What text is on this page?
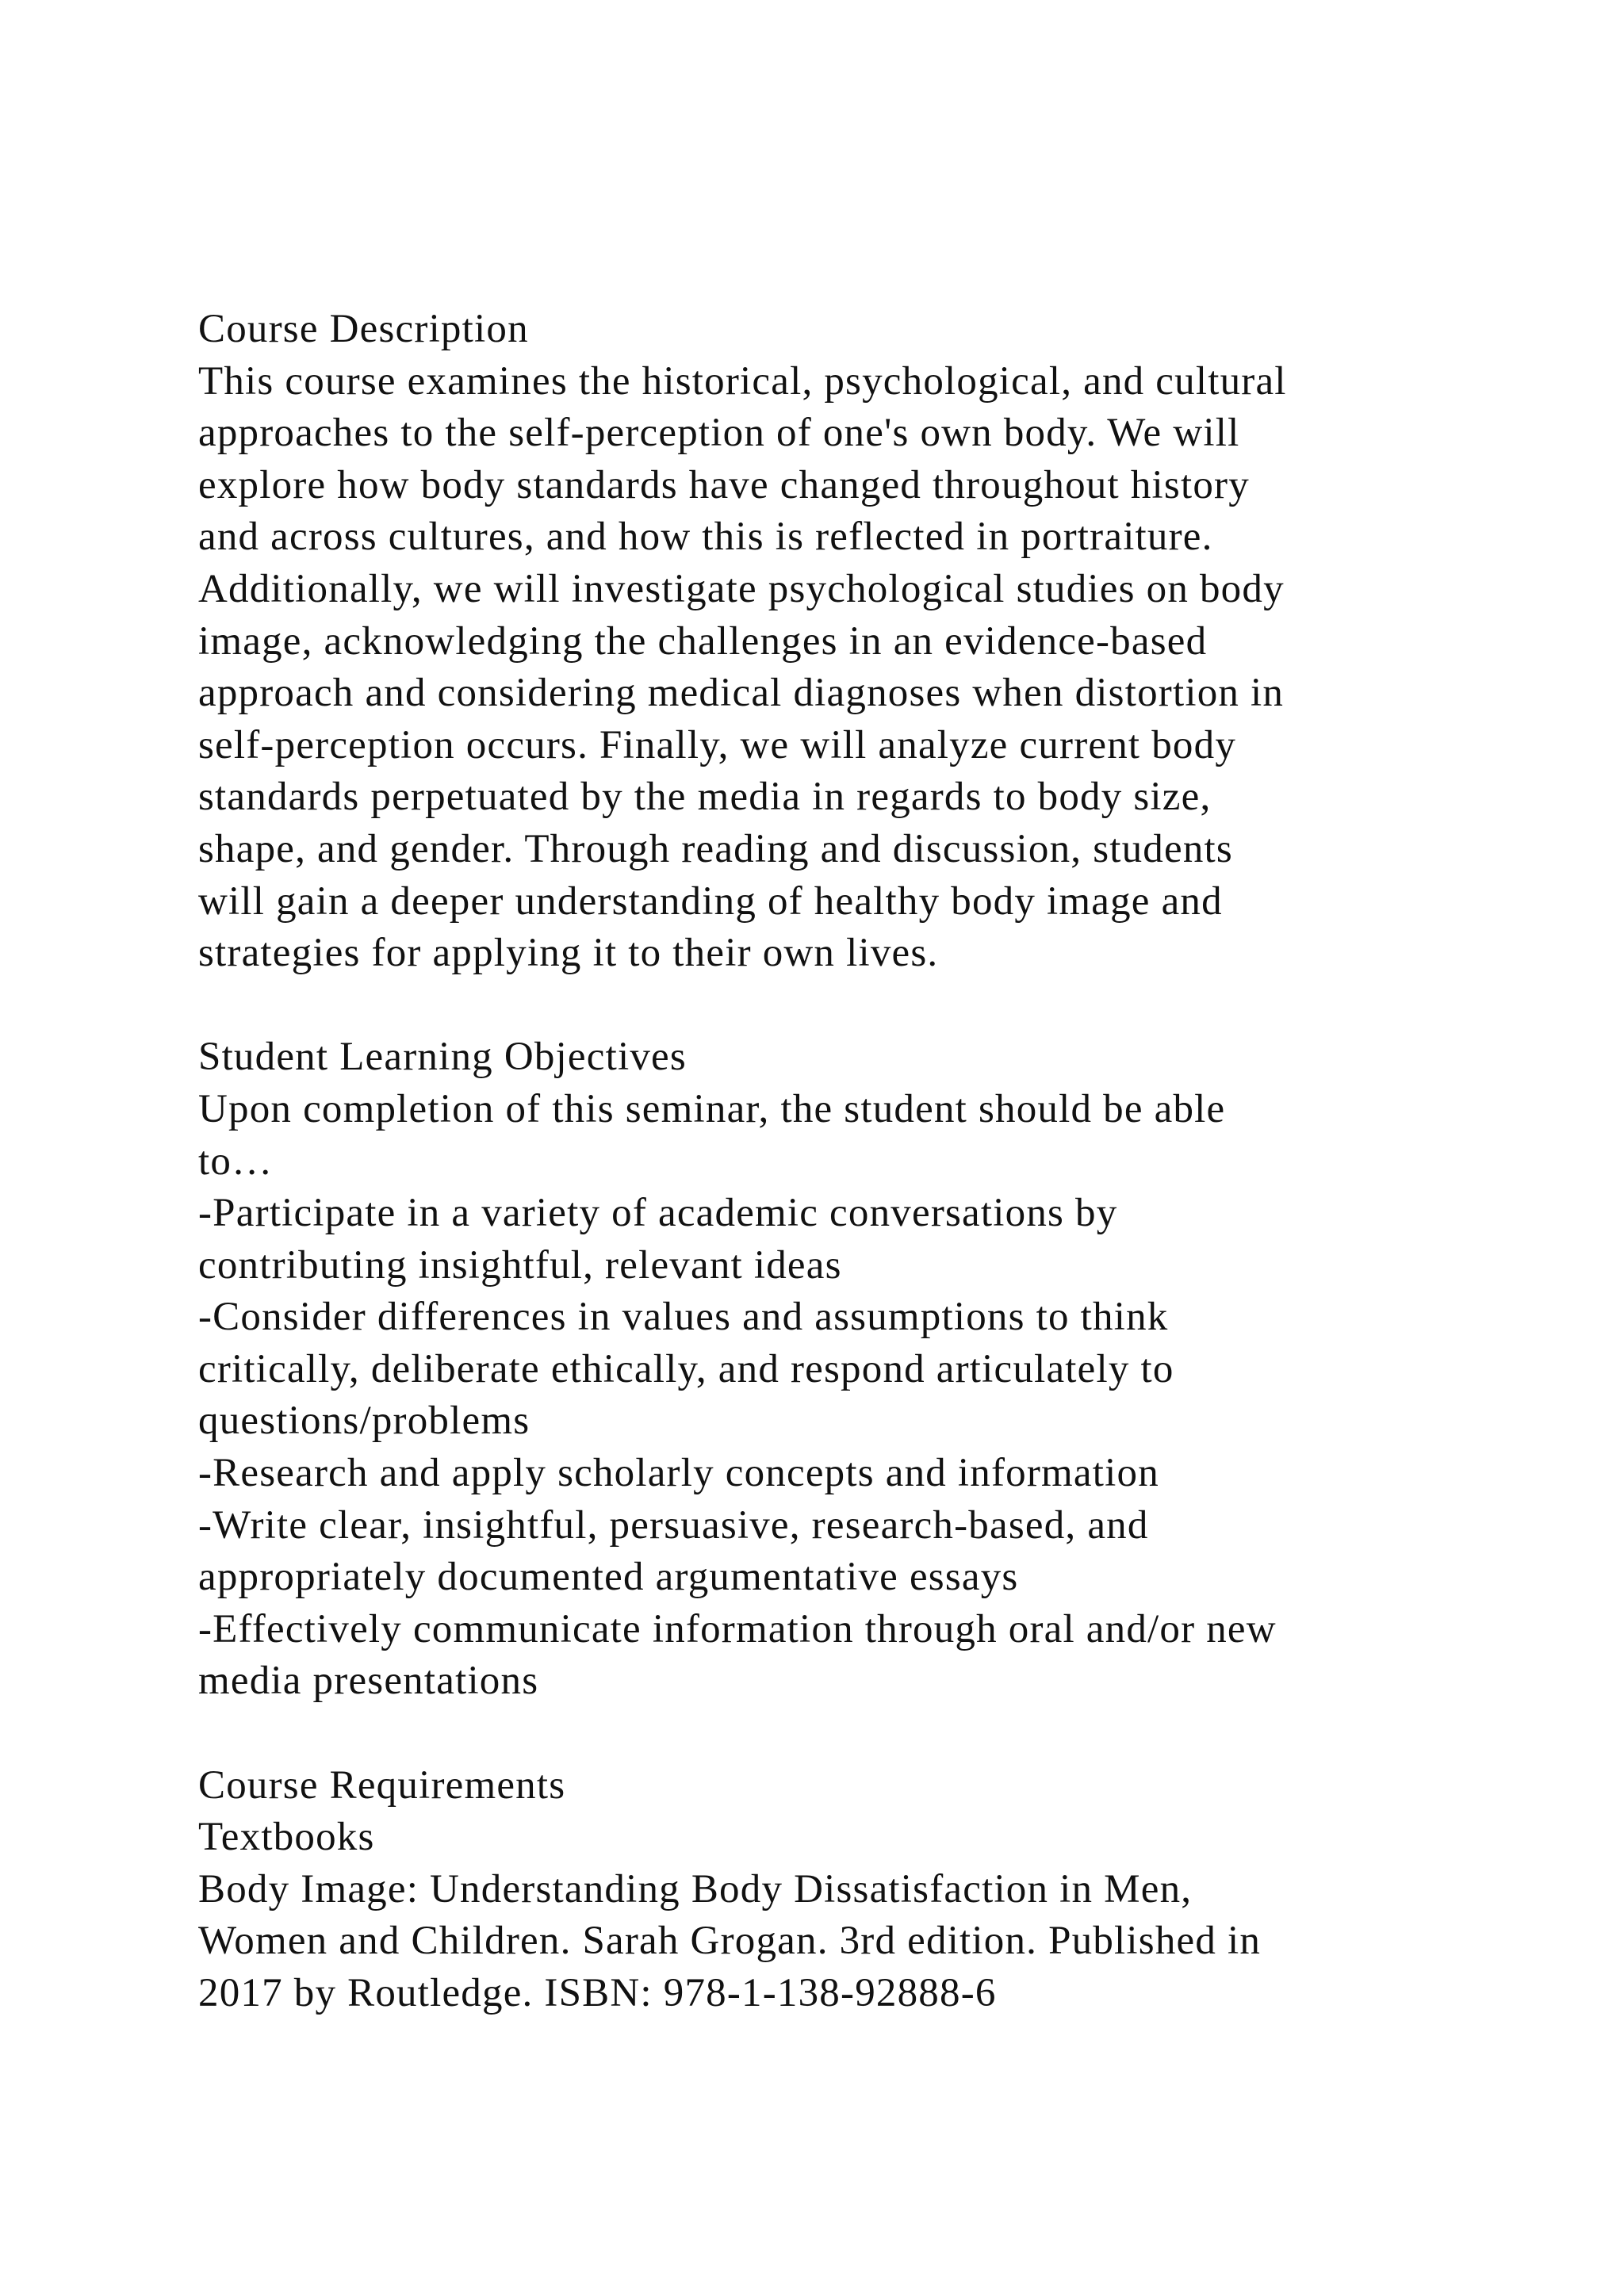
Course Description
This course examines the historical, psychological, and cultural
approaches to the self-perception of one's own body. We will
explore how body standards have changed throughout history
and across cultures, and how this is reflected in portraiture.
Additionally, we will investigate psychological studies on body
image, acknowledging the challenges in an evidence-based
approach and considering medical diagnoses when distortion in
self-perception occurs. Finally, we will analyze current body
standards perpetuated by the media in regards to body size,
shape, and gender. Through reading and discussion, students
will gain a deeper understanding of healthy body image and
strategies for applying it to their own lives.
Student Learning Objectives
Upon completion of this seminar, the student should be able
to…
-Participate in a variety of academic conversations by
contributing insightful, relevant ideas
-Consider differences in values and assumptions to think
critically, deliberate ethically, and respond articulately to
questions/problems
-Research and apply scholarly concepts and information
-Write clear, insightful, persuasive, research-based, and
appropriately documented argumentative essays
-Effectively communicate information through oral and/or new
media presentations
Course Requirements
Textbooks
Body Image: Understanding Body Dissatisfaction in Men,
Women and Children. Sarah Grogan. 3rd edition. Published in
2017 by Routledge. ISBN: 978-1-138-92888-6
